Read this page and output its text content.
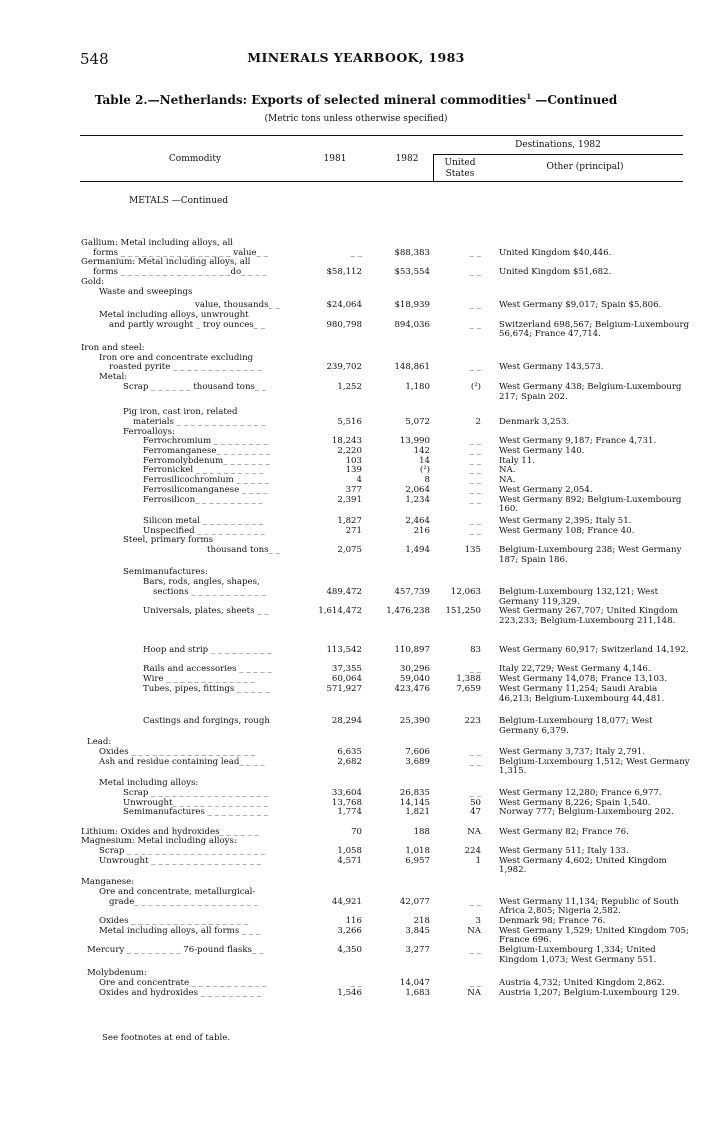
548	MINERALS YEARBOOK, 1983
Table 2.—Netherlands: Exports of selected mineral commodities$^1$ —Continued
(Metric tons unless otherwise specified)
Commodity	1981	1982
Destinations, 1982
United States
Other (principal)
METALS —Continued
Gallium: Metal including alloys, all
forms _ _ _ _ _ _ _ _ _ _ _ _ _ _ _ _ value_ _	_ _	$88,383	_ _ United Kingdom $40,446.
Germanium: Metal including alloys, all
forms _ _ _ _ _ _ _ _ _ _ _ _ _ _ _ _do_ _ _ _	$58,112	$53,554	_ _ United Kingdom $51,682.
Gold:
Waste and sweepings
value, thousands_ _	$24,064	$18,939	_ _ West Germany $9,017; Spain $5,806.
Metal including alloys, unwrought
and partly wrought _ troy ounces_ _	980,798	894,036	_ _ Switzerland 698,567; Belgium-Luxembourg 56,674; France 47,714.
Iron and steel:
Iron ore and concentrate excluding
roasted pyrite _ _ _ _ _ _ _ _ _ _ _ _ _	239,702	148,861	_ _ West Germany 143,573.
Metal:
Scrap _ _ _ _ _ _ thousand tons_ _	1,252	1,180	(²) West Germany 438; Belgium-Luxembourg 217; Spain 202.
Pig iron, cast iron, related
materials _ _ _ _ _ _ _ _ _ _ _ _ _	5,516	5,072	2 Denmark 3,253.
Ferroalloys:
Ferrochromium _ _ _ _ _ _ _ _	18,243	13,990	_ _ West Germany 9,187; France 4,731.
Ferromanganese_ _ _ _ _ _ _ _	2,220	142	_ _ West Germany 140.
Ferromolybdenum_ _ _ _ _ _ _	103	14	_ _ Italy 11.
Ferronickel _ _ _ _ _ _ _ _ _ _	139	(²)	_ _ NA.
Ferrosilicochromium _ _ _ _ _	4	8	_ _ NA.
Ferrosilicomanganese _ _ _ _	377	2,064	_ _ West Germany 2,054.
Ferrosilicon_ _ _ _ _ _ _ _ _ _	2,391	1,234	_ _ West Germany 892; Belgium-Luxembourg 160.
Silicon metal _ _ _ _ _ _ _ _ _	1,827	2,464	_ _ West Germany 2,395; Italy 51.
Unspecified _ _ _ _ _ _ _ _ _ _	271	216	_ _ West Germany 108; France 40.
Steel, primary forms
thousand tons_ _	2,075	1,494	135 Belgium-Luxembourg 238; West Germany 187; Spain 186.
Semimanufactures:
Bars, rods, angles, shapes,
sections _ _ _ _ _ _ _ _ _ _ _	489,472	457,739	12,063 Belgium-Luxembourg 132,121; West Germany 119,329.
Universals, plates, sheets _ _	1,614,472	1,476,238 151,250 West Germany 267,707; United Kingdom 223,233; Belgium-Luxembourg 211,148.
Hoop and strip _ _ _ _ _ _ _ _ _	113,542	110,897	83 West Germany 60,917; Switzerland 14,192.
Rails and accessories _ _ _ _ _	37,355	30,296	_ _ Italy 22,729; West Germany 4,146.
Wire _ _ _ _ _ _ _ _ _ _ _ _ _	60,064	59,040	1,388 West Germany 14,078; France 13,103.
Tubes, pipes, fittings _ _ _ _ _	571,927	423,476	7,659 West Germany 11,254; Saudi Arabia 46,213; Belgium-Luxembourg 44,481.
Castings and forgings, rough	28,294	25,390	223 Belgium-Luxembourg 18,077; West Germany 6,379.
Lead:
Oxides _ _ _ _ _ _ _ _ _ _ _ _ _ _ _ _ _ _	6,635	7,606	_ _ West Germany 3,737; Italy 2,791.
Ash and residue containing lead_ _ _ _	2,682	3,689	_ _ Belgium-Luxembourg 1,512; West Germany 1,315.
Metal including alloys:
Scrap _ _ _ _ _ _ _ _ _ _ _ _ _ _ _ _ _	33,604	26,835	_ _ West Germany 12,280; France 6,977.
Unwrought_ _ _ _ _ _ _ _ _ _ _ _ _ _	13,768	14,145	50 West Germany 8,226; Spain 1,540.
Semimanufactures _ _ _ _ _ _ _ _ _	1,774	1,821	47 Norway 777; Belgium-Luxembourg 202.
Lithium: Oxides and hydroxides_ _ _ _ _ _	70	188	NA West Germany 82; France 76.
Magnesium: Metal including alloys:
Scrap _ _ _ _ _ _ _ _ _ _ _ _ _ _ _ _ _ _ _ _	1,058	1,018	224 West Germany 511; Italy 133.
Unwrought _ _ _ _ _ _ _ _ _ _ _ _ _ _ _ _	4,571	6,957	1 West Germany 4,602; United Kingdom 1,982.
Manganese:
Ore and concentrate, metallurgical-
grade_ _ _ _ _ _ _ _ _ _ _ _ _ _ _ _ _ _	44,921	42,077	_ _ West Germany 11,134; Republic of South Africa 2,805; Nigeria 2,582.
Oxides _ _ _ _ _ _ _ _ _ _ _ _ _ _ _ _ _	116	218	3 Denmark 98; France 76.
Metal including alloys, all forms _ _ _	3,266	3,845	NA West Germany 1,529; United Kingdom 705; France 696.
Mercury _ _ _ _ _ _ _ _ 76-pound flasks_ _	4,350	3,277	_ _ Belgium-Luxembourg 1,334; United Kingdom 1,073; West Germany 551.
Molybdenum:
Ore and concentrate _ _ _ _ _ _ _ _ _ _ _	_ _	14,047	_ _ Austria 4,732; United Kingdom 2,862.
Oxides and hydroxides _ _ _ _ _ _ _ _ _	1,546	1,683	NA Austria 1,207; Belgium-Luxembourg 129.
See footnotes at end of table.
